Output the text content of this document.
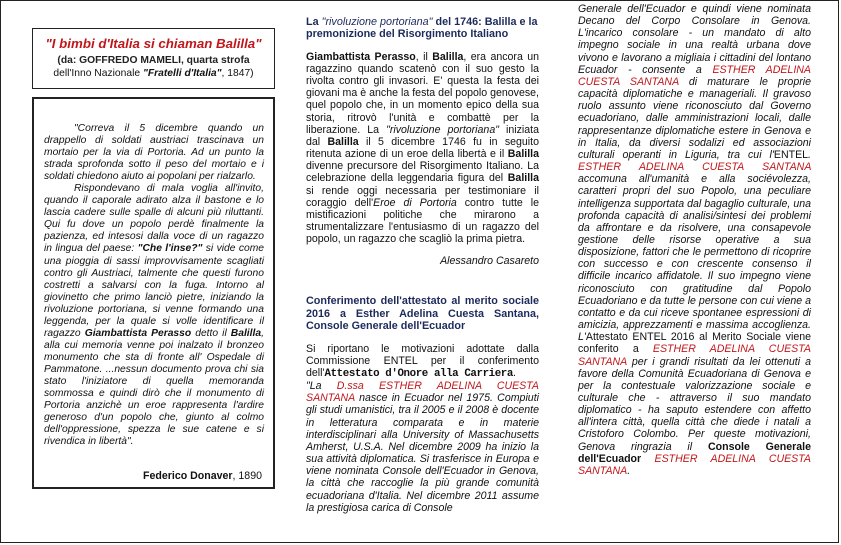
"I bimbi d'Italia si chiaman Balilla"
(da: GOFFREDO MAMELI, quarta strofa
dell'Inno Nazionale "Fratelli d'Italia", 1847)

"Correva il 5 dicembre quando un drappello di soldati austriaci trascinava un mortaio per la via di Portoria. Ad un punto la strada sprofonda sotto il peso del mortaio e i soldati chiedono aiuto ai popolani per rialzarlo.

Rispondevano di mala voglia all'invito, quando il caporale adirato alza il bastone e lo lascia cadere sulle spalle di alcuni più riluttanti. Qui fu dove un popolo perdè finalmente la pazienza, ed intesosi dalla voce di un ragazzo in lingua del paese: "Che l'inse?" si vide come una pioggia di sassi improvvisamente scagliati contro gli Austriaci, talmente che questi furono costretti a salvarsi con la fuga. Intorno al giovinetto che primo lanciò pietre, iniziando la rivoluzione portoriana, si venne formando una leggenda, per la quale si volle identificare il ragazzo Giambattista Perasso detto il Balilla, alla cui memoria venne poi inalzato il bronzeo monumento che sta di fronte all' Ospedale di Pammatone. ...nessun documento prova chi sia stato l'iniziatore di quella memoranda sommossa e quindi dirò che il monumento di Portoria anzichè un eroe rappresenta l'ardire generoso d'un popolo che, giunto al colmo dell'oppressione, spezza le sue catene e si rivendica in libertà".

Federico Donaver, 1890
La "rivoluzione portoriana" del 1746: Balilla e la premonizione del Risorgimento Italiano
Giambattista Perasso, il Balilla, era ancora un ragazzino quando scatenò con il suo gesto la rivolta contro gli invasori. E' questa la festa dei giovani ma è anche la festa del popolo genovese, quel popolo che, in un momento epico della sua storia, ritrovò l'unità e combattè per la liberazione. La "rivoluzione portoriana" iniziata dal Balilla il 5 dicembre 1746 fu in seguito ritenuta azione di un eroe della libertà e il Balilla divenne precursore del Risorgimento Italiano. La celebrazione della leggendaria figura del Balilla si rende oggi necessaria per testimoniare il coraggio dell'Eroe di Portoria contro tutte le mistificazioni politiche che mirarono a strumentalizzare l'entusiasmo di un ragazzo del popolo, un ragazzo che scagliò la prima pietra.
Alessandro Casareto
Conferimento dell'attestato al merito sociale 2016 a Esther Adelina Cuesta Santana, Console Generale dell'Ecuador
Si riportano le motivazioni adottate dalla Commissione ENTEL per il conferimento dell'Attestato d'Onore alla Carriera.
"La D.ssa ESTHER ADELINA CUESTA SANTANA nasce in Ecuador nel 1975. Compiuti gli studi umanistici, tra il 2005 e il 2008 è docente in letteratura comparata e in materie interdisciplinari alla University of Massachusetts Amherst, U.S.A. Nel dicembre 2009 ha inizio la sua attività diplomatica. Si trasferisce in Europa e viene nominata Console dell'Ecuador in Genova, la città che raccoglie la più grande comunità ecuadoriana d'Italia. Nel dicembre 2011 assume la prestigiosa carica di Console
Generale dell'Ecuador e quindi viene nominata Decano del Corpo Consolare in Genova. L'incarico consolare - un mandato di alto impegno sociale in una realtà urbana dove vivono e lavorano a migliaia i cittadini del lontano Ecuador - consente a ESTHER ADELINA CUESTA SANTANA di maturare le proprie capacità diplomatiche e manageriali. Il gravoso ruolo assunto viene riconosciuto dal Governo ecuadoriano, dalle amministrazioni locali, dalle rappresentanze diplomatiche estere in Genova e in Italia, da diversi sodalizi ed associazioni culturali operanti in Liguria, tra cui l'ENTEL. ESTHER ADELINA CUESTA SANTANA accomuna all'umanità e alla sociévolezza, caratteri propri del suo Popolo, una peculiare intelligenza supportata dal bagaglio culturale, una profonda capacità di analisi/sintesi dei problemi da affrontare e da risolvere, una consapevole gestione delle risorse operative a sua disposizione, fattori che le permettono di ricoprire con successo e con crescente consenso il difficile incarico affidatole. Il suo impegno viene riconosciuto con gratitudine dal Popolo Ecuadoriano e da tutte le persone con cui viene a contatto e da cui riceve spontanee espressioni di amicizia, apprezzamenti e massima accoglienza. L'Attestato ENTEL 2016 al Merito Sociale viene conferito a ESTHER ADELINA CUESTA SANTANA per i grandi risultati da lei ottenuti a favore della Comunità Ecuadoriana di Genova e per la contestuale valorizzazione sociale e culturale che - attraverso il suo mandato diplomatico - ha saputo estendere con affetto all'intera città, quella città che diede i natali a Cristoforo Colombo. Per queste motivazioni, Genova ringrazia il Console Generale dell'Ecuador ESTHER ADELINA CUESTA SANTANA.
